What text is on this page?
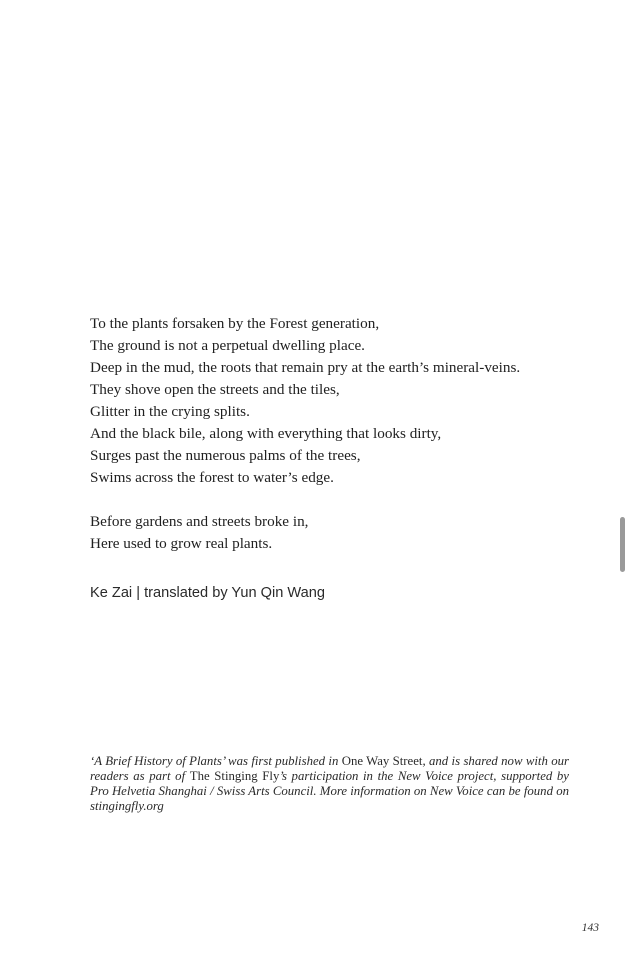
To the plants forsaken by the Forest generation,
The ground is not a perpetual dwelling place.
Deep in the mud, the roots that remain pry at the earth’s mineral-veins.
They shove open the streets and the tiles,
Glitter in the crying splits.
And the black bile, along with everything that looks dirty,
Surges past the numerous palms of the trees,
Swims across the forest to water’s edge.
Before gardens and streets broke in,
Here used to grow real plants.
Ke Zai | translated by Yun Qin Wang

‘A Brief History of Plants’ was first published in One Way Street, and is shared now with our readers as part of The Stinging Fly’s participation in the New Voice project, supported by Pro Helvetia Shanghai / Swiss Arts Council. More information on New Voice can be found on stingingfly.org

143
